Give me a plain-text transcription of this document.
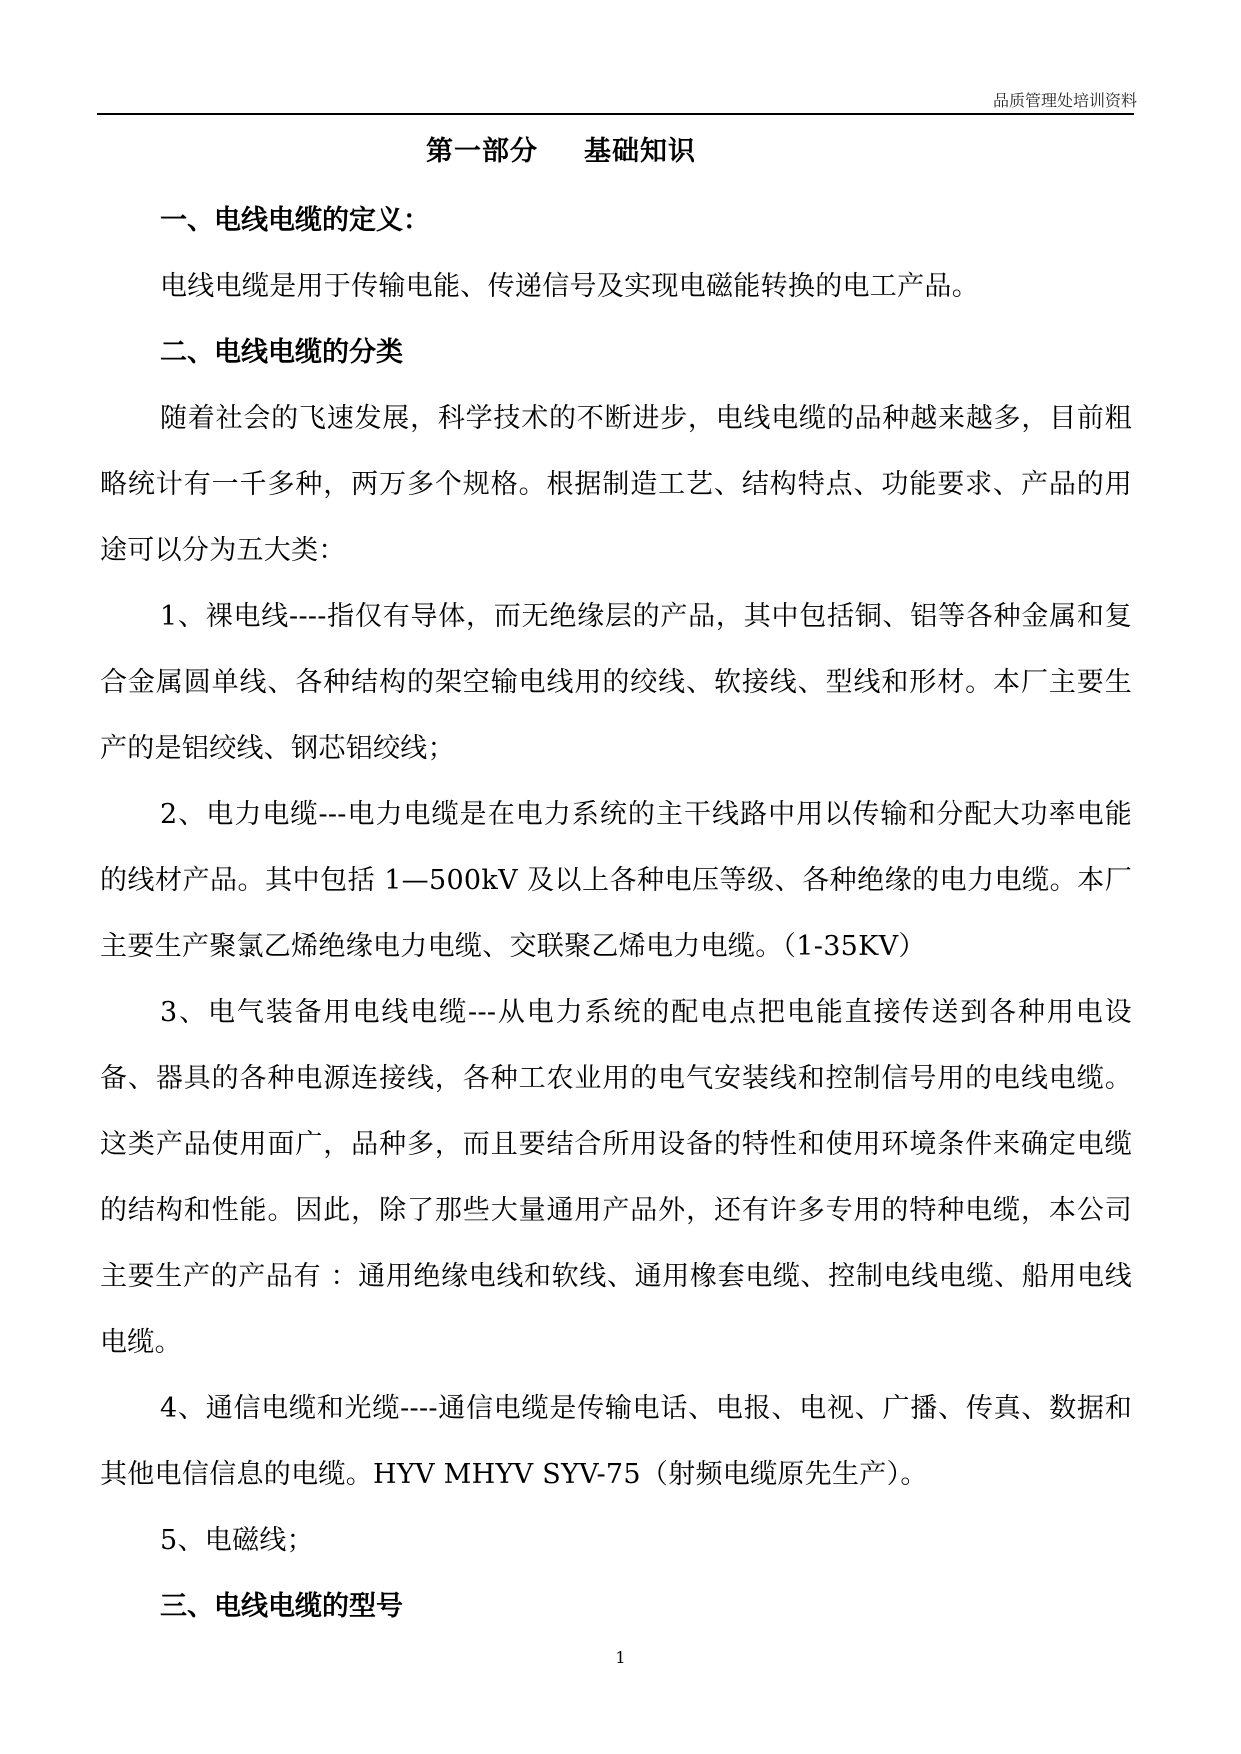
品质管理处培训资料
第一部分 基础知识
一、电线电缆的定义：

电线电缆是用于传输电能、传递信号及实现电磁能转换的电工产品。

二、电线电缆的分类

随着社会的飞速发展，科学技术的不断进步，电线电缆的品种越来越多，目前粗略统计有一千多种，两万多个规格。根据制造工艺、结构特点、功能要求、产品的用途可以分为五大类：

1、裸电线----指仅有导体，而无绝缘层的产品，其中包括铜、铝等各种金属和复合金属圆单线、各种结构的架空输电线用的绞线、软接线、型线和形材。本厂主要生产的是铝绞线、钢芯铝绞线；

2、电力电缆---电力电缆是在电力系统的主干线路中用以传输和分配大功率电能的线材产品。其中包括 1—500kV 及以上各种电压等级、各种绝缘的电力电缆。本厂主要生产聚氯乙烯绝缘电力电缆、交联聚乙烯电力电缆。（1-35KV）

3、电气装备用电线电缆---从电力系统的配电点把电能直接传送到各种用电设备、器具的各种电源连接线，各种工农业用的电气安装线和控制信号用的电线电缆。这类产品使用面广，品种多，而且要结合所用设备的特性和使用环境条件来确定电缆的结构和性能。因此，除了那些大量通用产品外，还有许多专用的特种电缆，本公司主要生产的产品有 ：通用绝缘电线和软线、通用橡套电缆、控制电线电缆、船用电线电缆。

4、通信电缆和光缆----通信电缆是传输电话、电报、电视、广播、传真、数据和其他电信信息的电缆。HYV MHYV SYV-75（射频电缆原先生产）。

5、电磁线；

三、电线电缆的型号
1
